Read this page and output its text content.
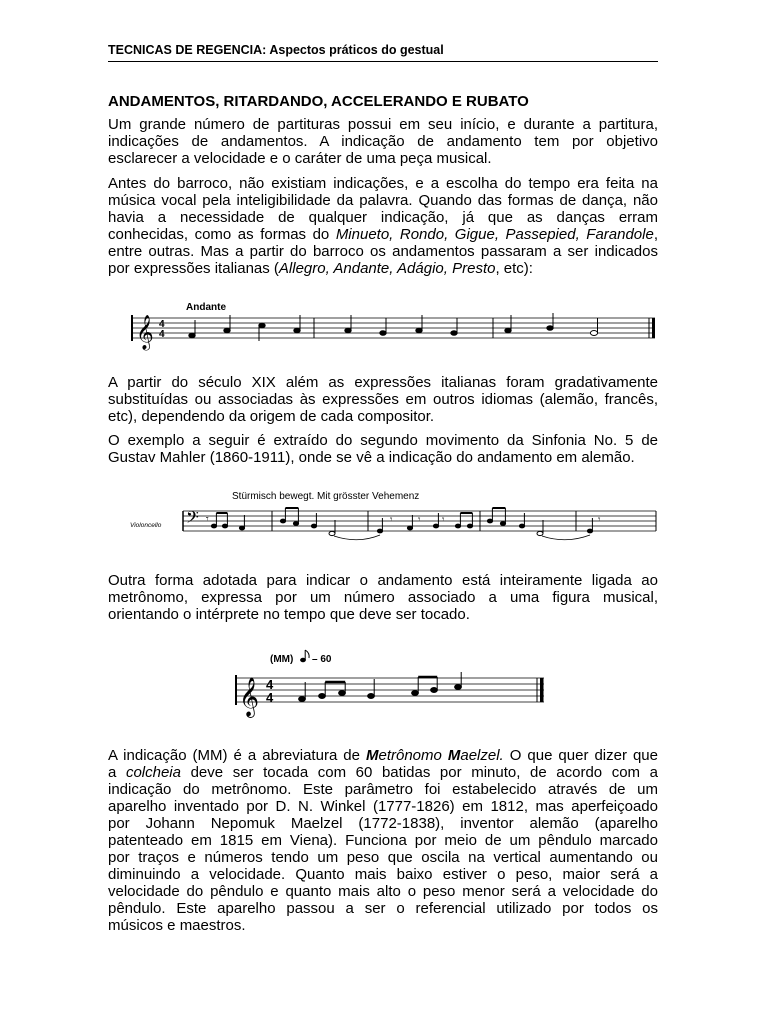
TECNICAS DE REGENCIA: Aspectos práticos do gestual
ANDAMENTOS, RITARDANDO, ACCELERANDO E RUBATO
Um grande número de partituras possui em seu início, e durante a partitura,
indicações de andamentos. A indicação de andamento tem por objetivo
esclarecer a velocidade e o caráter de uma peça musical.
Antes do barroco, não existiam indicações, e a escolha do tempo era feita na
música vocal pela inteligibilidade da palavra. Quando das formas de dança, não
havia a necessidade de qualquer indicação, já que as danças erram
conhecidas, como as formas do Minueto, Rondo, Gigue, Passepied, Farandole,
entre outras. Mas a partir do barroco os andamentos passaram a ser indicados
por expressões italianas (Allegro, Andante, Adágio, Presto, etc):
Andante
𝄞 4
4
A partir do século XIX além as expressões italianas foram gradativamente
substituídas ou associadas às expressões em outros idiomas (alemão, francês,
etc), dependendo da origem de cada compositor.
O exemplo a seguir é extraído do segundo movimento da Sinfonia No. 5 de
Gustav Mahler (1860-1911), onde se vê a indicação do andamento em alemão.
Stürmisch bewegt. Mit grösster Vehemenz
Violoncello 𝄢 𝄾	𝄾	𝄾 𝄾	𝄾
Outra forma adotada para indicar o andamento está inteiramente ligada ao
metrônomo, expressa por um número associado a uma figura musical,
orientando o intérprete no tempo que deve ser tocado.
(MM) – 60
𝄞 4
4
A indicação (MM) é a abreviatura de Metrônomo Maelzel. O que quer dizer que
a colcheia deve ser tocada com 60 batidas por minuto, de acordo com a
indicação do metrônomo. Este parâmetro foi estabelecido através de um
aparelho inventado por D. N. Winkel (1777-1826) em 1812, mas aperfeiçoado
por Johann Nepomuk Maelzel (1772-1838), inventor alemão (aparelho
patenteado em 1815 em Viena). Funciona por meio de um pêndulo marcado
por traços e números tendo um peso que oscila na vertical aumentando ou
diminuindo a velocidade. Quanto mais baixo estiver o peso, maior será a
velocidade do pêndulo e quanto mais alto o peso menor será a velocidade do
pêndulo. Este aparelho passou a ser o referencial utilizado por todos os
músicos e maestros.
